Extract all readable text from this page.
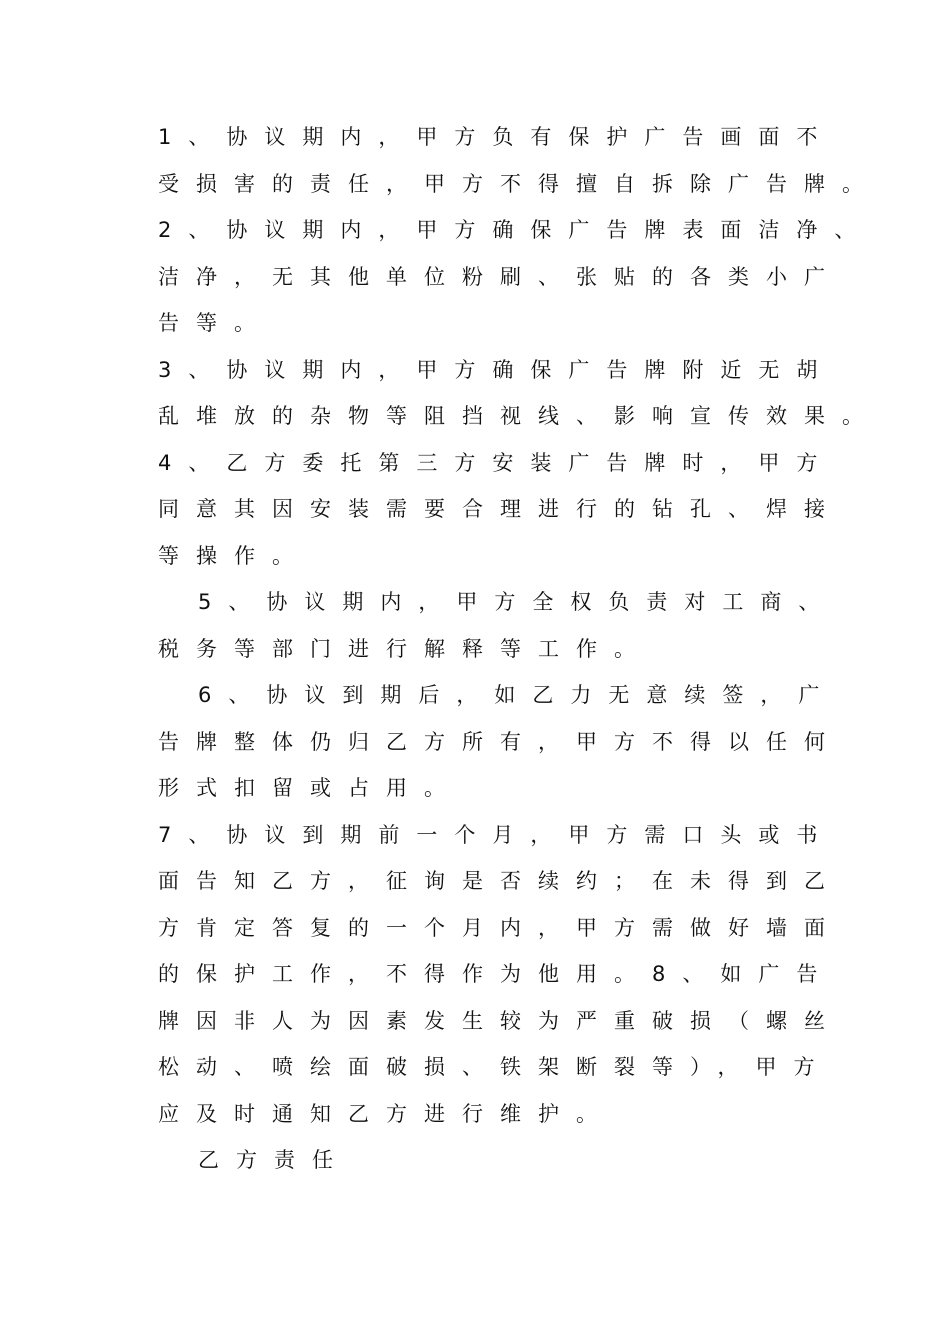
1、协议期内，甲方负有保护广告画面不
受损害的责任，甲方不得擅自拆除广告牌。
2、协议期内，甲方确保广告牌表面洁净、
洁净，无其他单位粉刷、张贴的各类小广
告等。
3、协议期内，甲方确保广告牌附近无胡
乱堆放的杂物等阻挡视线、影响宣传效果。
4、乙方委托第三方安装广告牌时，甲方
同意其因安装需要合理进行的钻孔、焊接
等操作。
5、协议期内，甲方全权负责对工商、
税务等部门进行解释等工作。
6、协议到期后，如乙力无意续签，广
告牌整体仍归乙方所有，甲方不得以任何
形式扣留或占用。
7、协议到期前一个月，甲方需口头或书
面告知乙方，征询是否续约；在未得到乙
方肯定答复的一个月内，甲方需做好墙面
的保护工作，不得作为他用。8、如广告
牌因非人为因素发生较为严重破损（螺丝
松动、喷绘面破损、铁架断裂等），甲方
应及时通知乙方进行维护。
乙方责任
